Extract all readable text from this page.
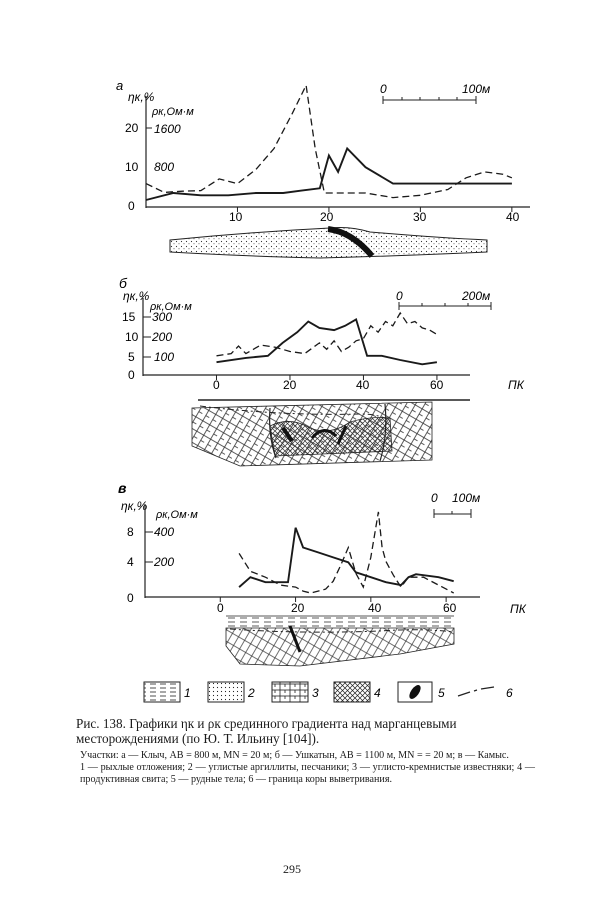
а
ηк,%
ρк,Ом·м
20
10
0
1600
800
10	20	30	40
0	100м
б
ηк,%
ρк,Ом·м
15
10
5
0
300
200
100
0	20	40	60	ПК
0	200м
в
ηк,%
ρк,Ом·м
8
4
0
400
200
0	20	40	60	ПК
0 100м
1	2	3	4	5	6
Рис. 138. Графики ηк и ρк срединного градиента над марганцевыми месторождениями (по Ю. Т. Ильину [104]).
Участки: а — Клыч, AB = 800 м, MN = 20 м; б — Ушкатын, AB = 1100 м, MN = = 20 м; в — Камыс.
1 — рыхлые отложения; 2 — углистые аргиллиты, песчаники; 3 — углисто-кремнистые известняки; 4 — продуктивная свита; 5 — рудные тела; 6 — граница коры выветривания.
295
